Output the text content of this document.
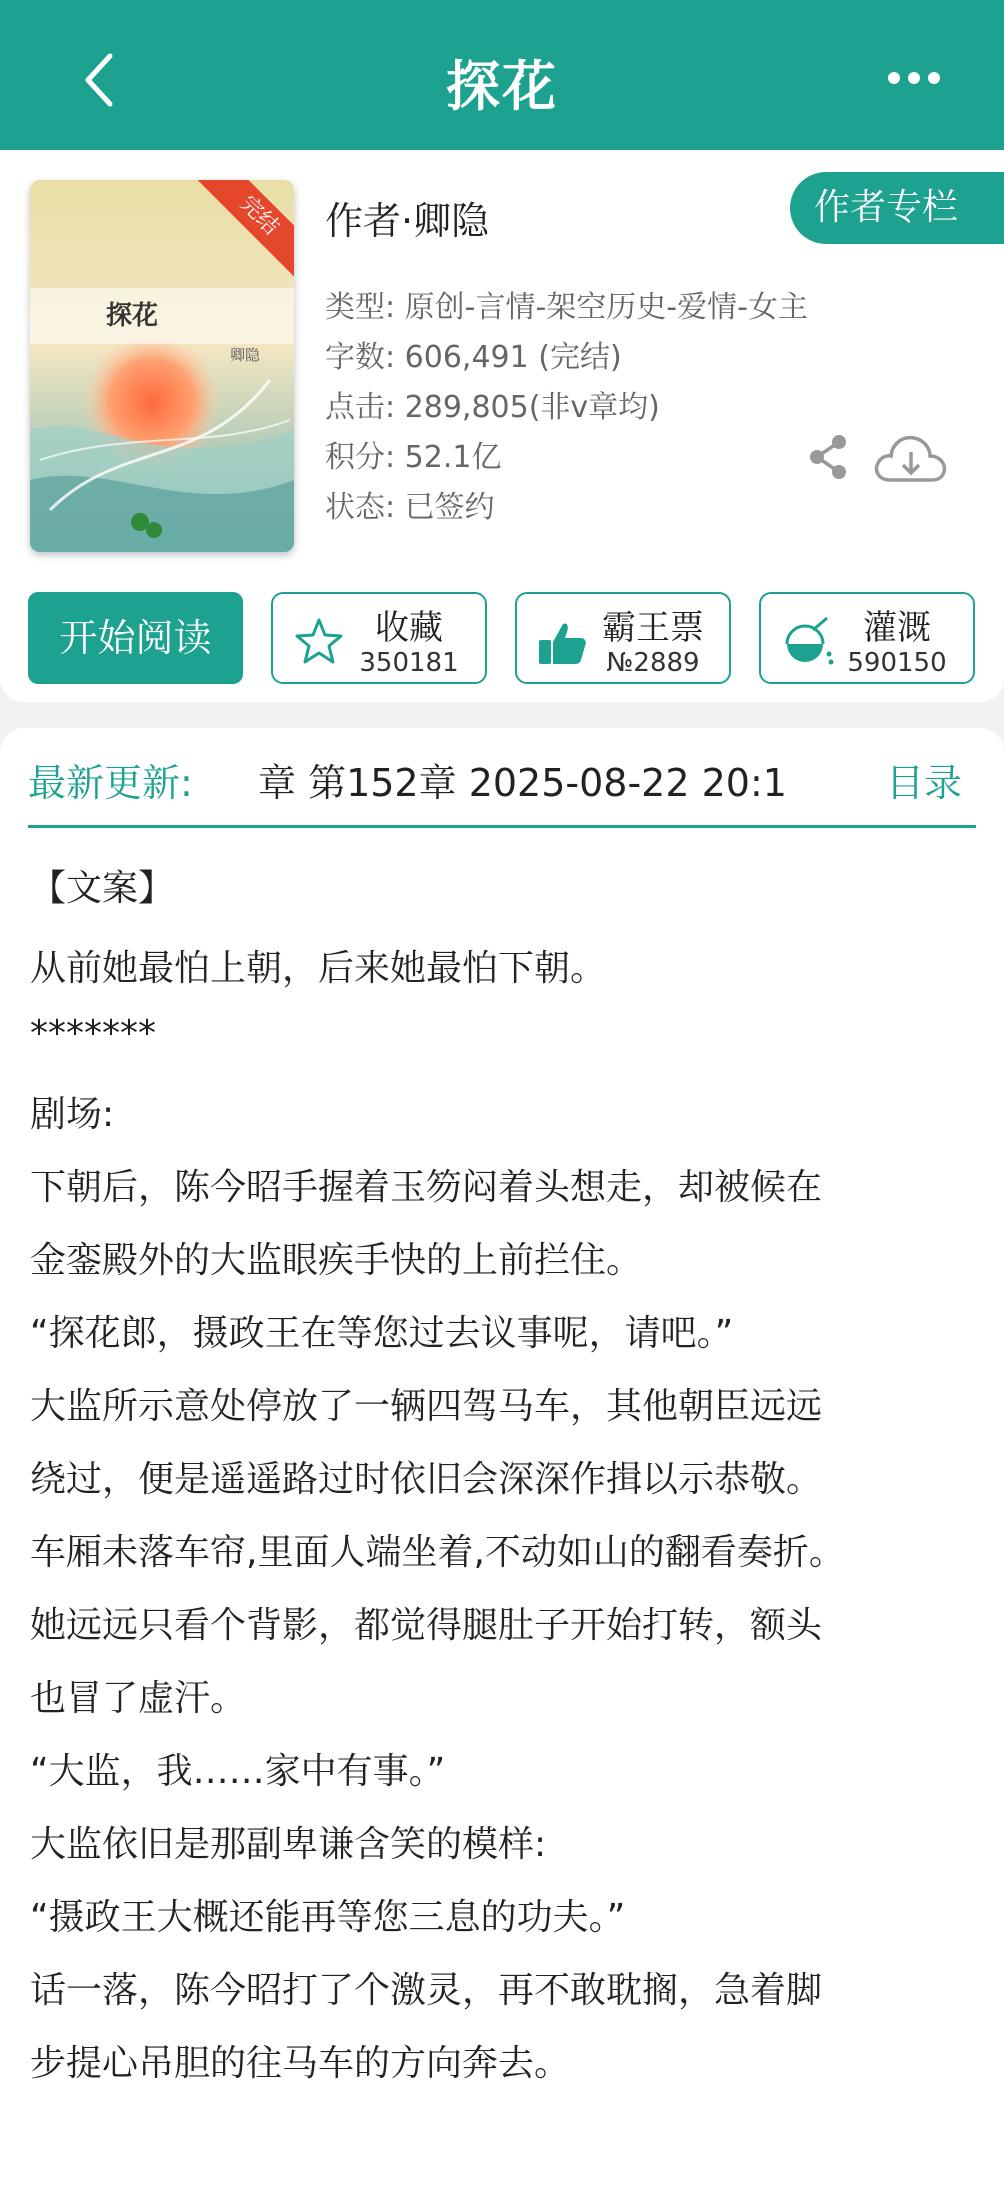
探花
探花
卿隐
完结	作者·卿隐	作者专栏
类型: 原创-言情-架空历史-爱情-女主
字数: 606,491 (完结)
点击: 289,805(非v章均)
积分: 52.1亿
状态: 已签约
开始阅读	收藏
350181
霸王票
№2889
灌溉
590150
最新更新: 章 第152章 2025-08-22 20:1	目录
【文案】
从前她最怕上朝，后来她最怕下朝。
*******
剧场:
下朝后，陈今昭手握着玉笏闷着头想走，却被候在
金銮殿外的大监眼疾手快的上前拦住。
“探花郎，摄政王在等您过去议事呢，请吧。”
大监所示意处停放了一辆四驾马车，其他朝臣远远
绕过，便是遥遥路过时依旧会深深作揖以示恭敬。
车厢未落车帘,里面人端坐着,不动如山的翻看奏折。
她远远只看个背影，都觉得腿肚子开始打转，额头
也冒了虚汗。
“大监，我……家中有事。”
大监依旧是那副卑谦含笑的模样:
“摄政王大概还能再等您三息的功夫。”
话一落，陈今昭打了个激灵，再不敢耽搁，急着脚
步提心吊胆的往马车的方向奔去。
